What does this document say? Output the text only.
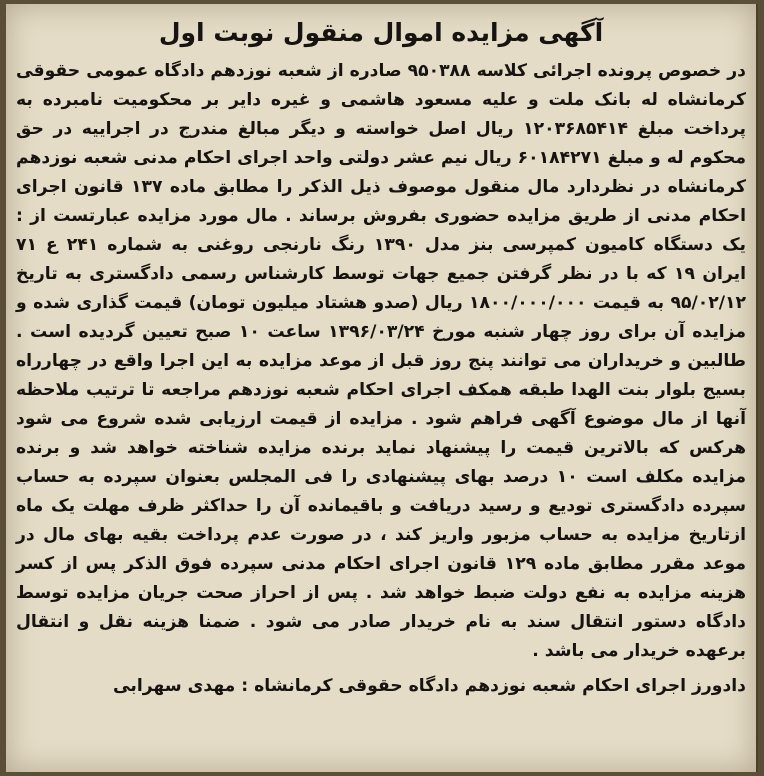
آگهی مزایده اموال منقول نوبت اول

در خصوص پرونده اجرائی کلاسه ۹۵۰۳۸۸ صادره از شعبه نوزدهم دادگاه عمومی حقوقی کرمانشاه له بانک ملت و علیه مسعود هاشمی و غیره دایر بر محکومیت نامبرده به پرداخت مبلغ ۱۲۰۳۶۸۵۴۱۴ ریال اصل خواسته و دیگر مبالغ مندرج در اجراییه در حق محکوم له و مبلغ ۶۰۱۸۴۲۷۱ ریال نیم عشر دولتی واحد اجرای احکام مدنی شعبه نوزدهم کرمانشاه در نظردارد مال منقول موصوف ذیل الذکر را مطابق ماده ۱۳۷ قانون اجرای احکام مدنی از طریق مزایده حضوری بفروش برساند . مال مورد مزایده عبارتست از : یک دستگاه کامیون کمپرسی بنز مدل ۱۳۹۰ رنگ نارنجی روغنی به شماره ۲۴۱ ع ۷۱ ایران ۱۹ که با در نظر گرفتن جمیع جهات توسط کارشناس رسمی دادگستری به تاریخ ۹۵/۰۲/۱۲ به قیمت ۱۸۰۰/۰۰۰/۰۰۰ ریال (صدو هشتاد میلیون تومان) قیمت گذاری شده و مزایده آن برای روز چهار شنبه مورخ ۱۳۹۶/۰۳/۲۴ ساعت ۱۰ صبح تعیین گردیده است . طالبین و خریداران می توانند پنج روز قبل از موعد مزایده به این اجرا واقع در چهارراه بسیج بلوار بنت الهدا طبقه همکف اجرای احکام شعبه نوزدهم مراجعه تا ترتیب ملاحظه آنها از مال موضوع آگهی فراهم شود . مزایده از قیمت ارزیابی شده شروع می شود هرکس که بالاترین قیمت را پیشنهاد نماید برنده مزایده شناخته خواهد شد و برنده مزایده مکلف است ۱۰ درصد بهای پیشنهادی را فی المجلس بعنوان سپرده به حساب سپرده دادگستری تودیع و رسید دریافت و باقیمانده آن را حداکثر ظرف مهلت یک ماه ازتاریخ مزایده به حساب مزبور واریز کند ، در صورت عدم پرداخت بقیه بهای مال در موعد مقرر مطابق ماده ۱۲۹ قانون اجرای احکام مدنی سپرده فوق الذکر پس از کسر هزینه مزایده به نفع دولت ضبط خواهد شد . پس از احراز صحت جریان مزایده توسط دادگاه دستور انتقال سند به نام خریدار صادر می شود . ضمنا هزینه نقل و انتقال برعهده خریدار می باشد .

دادورز اجرای احکام شعبه نوزدهم دادگاه حقوقی کرمانشاه : مهدی سهرابی
